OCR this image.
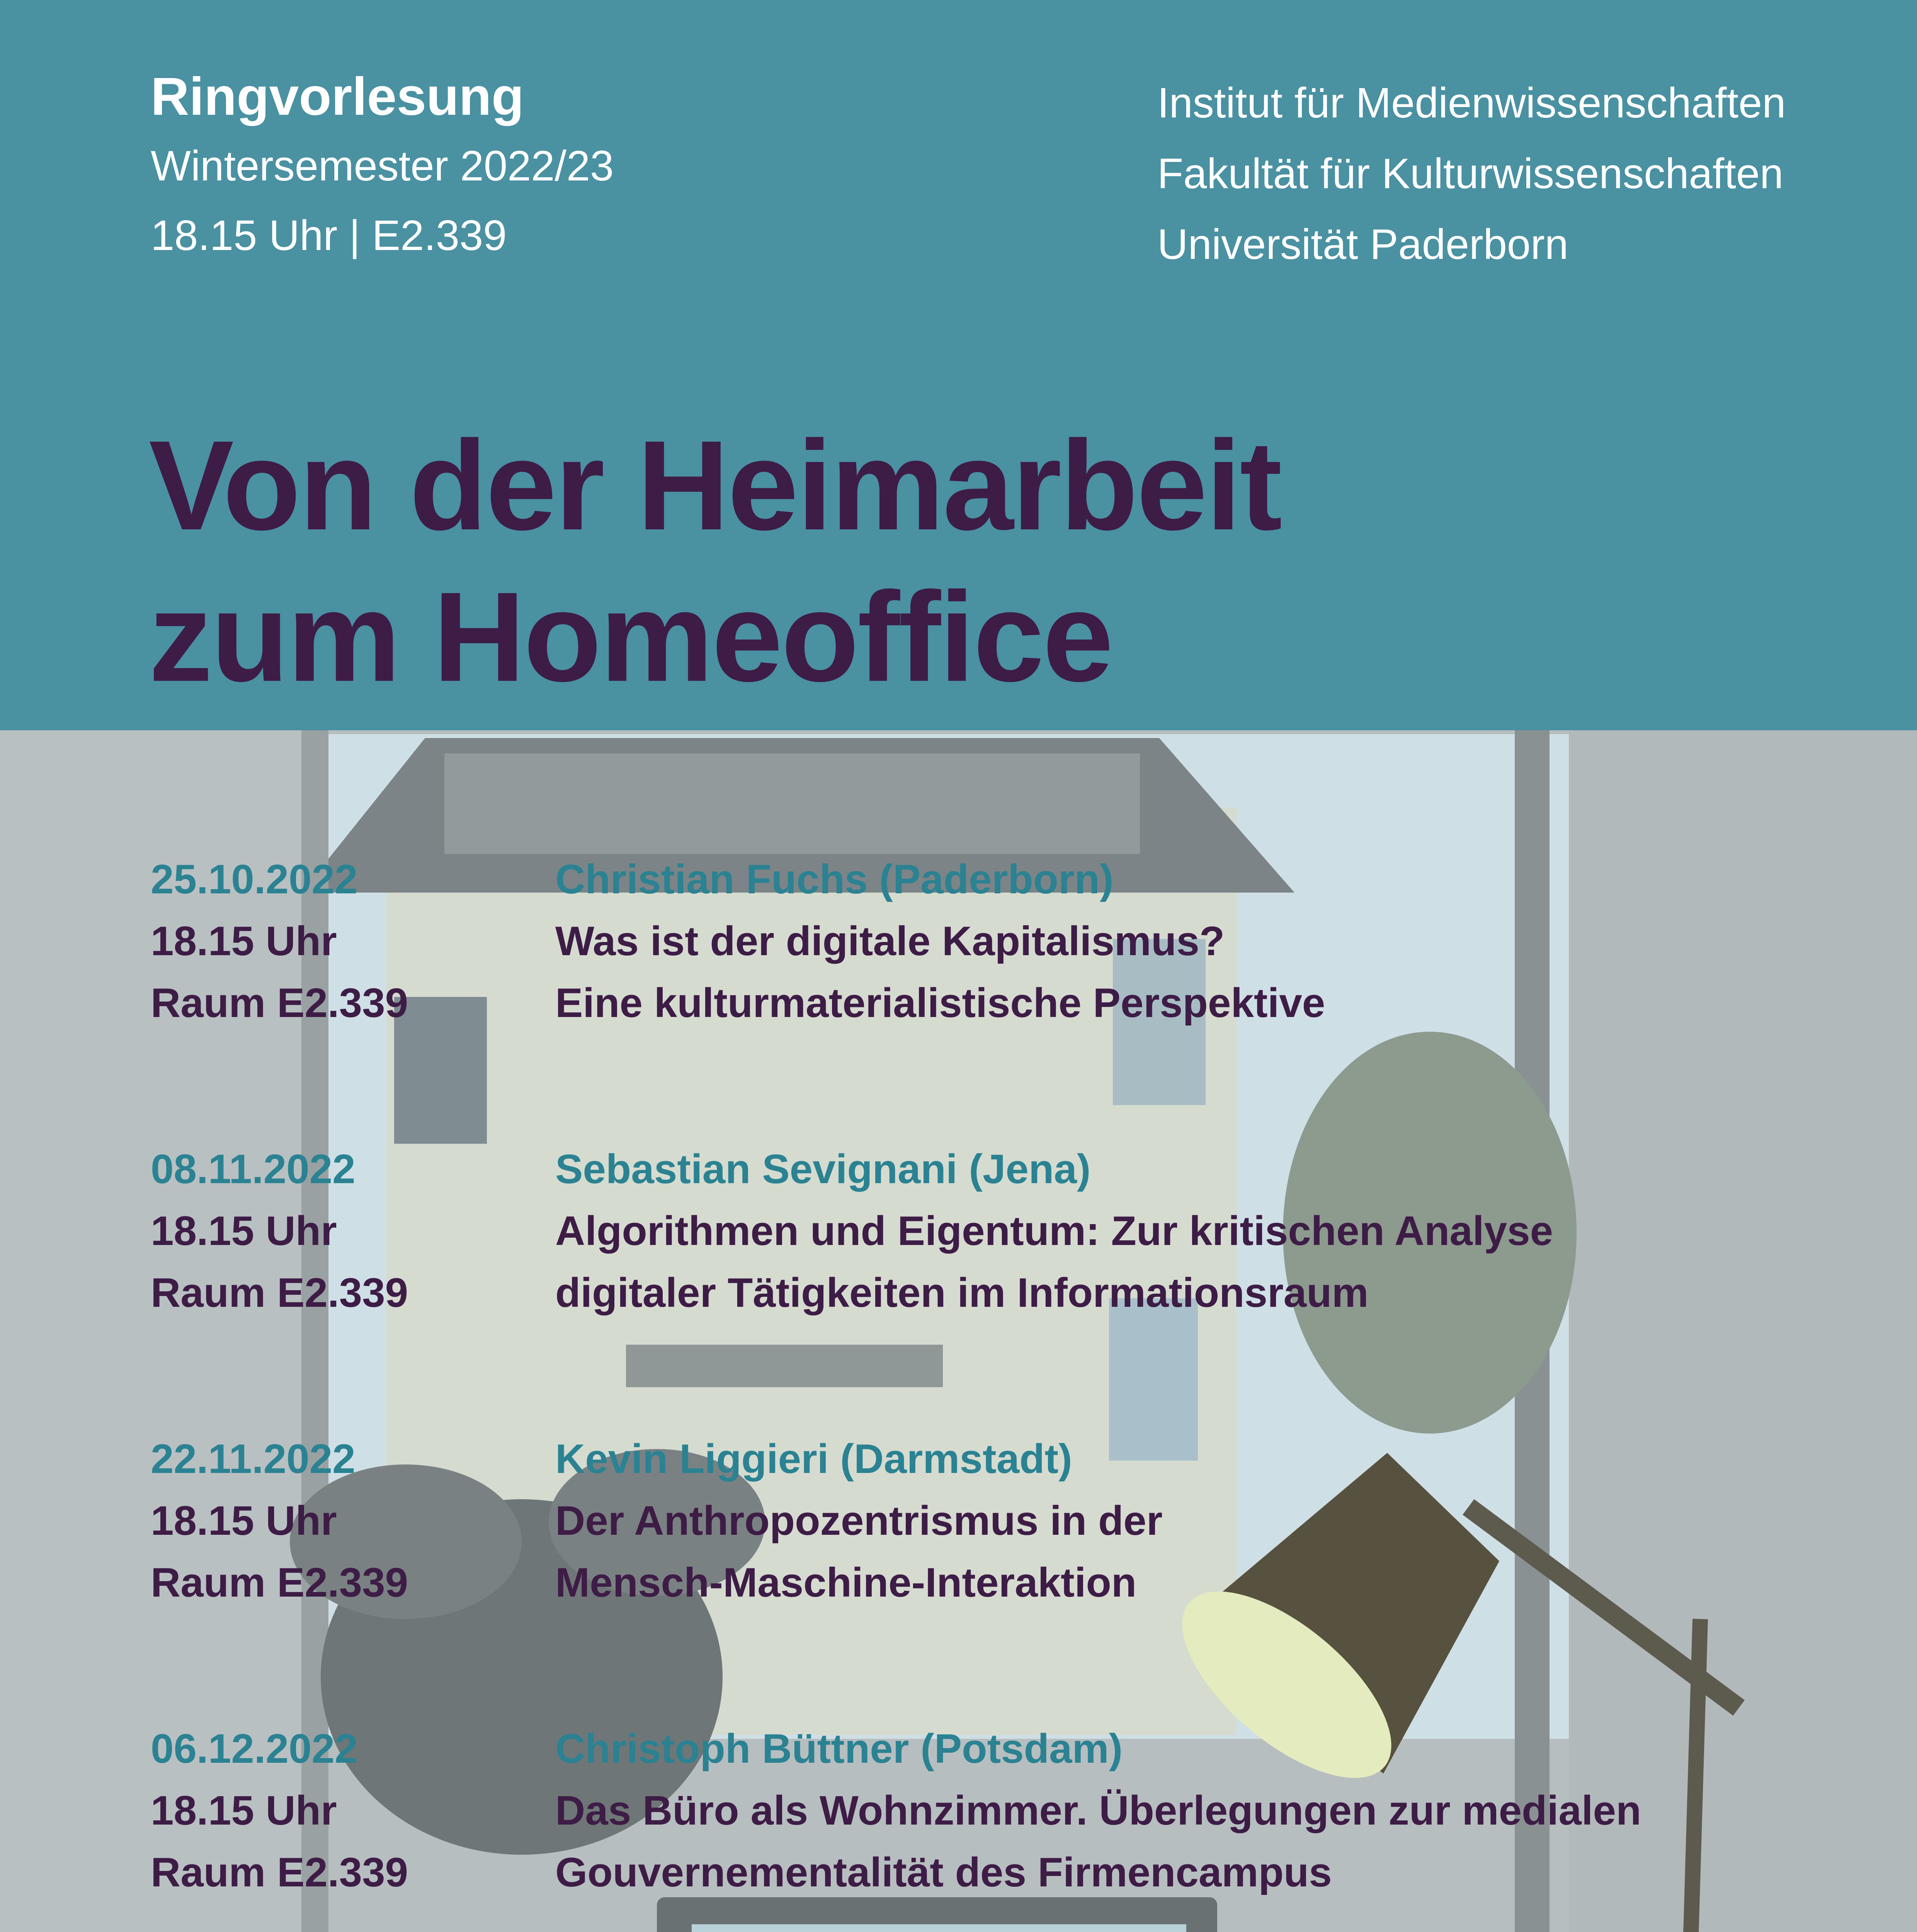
Ringvorlesung
Wintersemester 2022/23
18.15 Uhr | E2.339
Institut für Medienwissenschaften
Fakultät für Kulturwissenschaften
Universität Paderborn
Von der Heimarbeit
zum Homeoffice
25.10.2022
18.15 Uhr
Raum E2.339
Christian Fuchs (Paderborn)
Was ist der digitale Kapitalismus?
Eine kulturmaterialistische Perspektive
08.11.2022
18.15 Uhr
Raum E2.339
Sebastian Sevignani (Jena)
Algorithmen und Eigentum: Zur kritischen Analyse
digitaler Tätigkeiten im Informationsraum
22.11.2022
18.15 Uhr
Raum E2.339
Kevin Liggieri (Darmstadt)
Der Anthropozentrismus in der
Mensch-Maschine-Interaktion
06.12.2022
18.15 Uhr
Raum E2.339
Christoph Büttner (Potsdam)
Das Büro als Wohnzimmer. Überlegungen zur medialen
Gouvernementalität des Firmencampus
